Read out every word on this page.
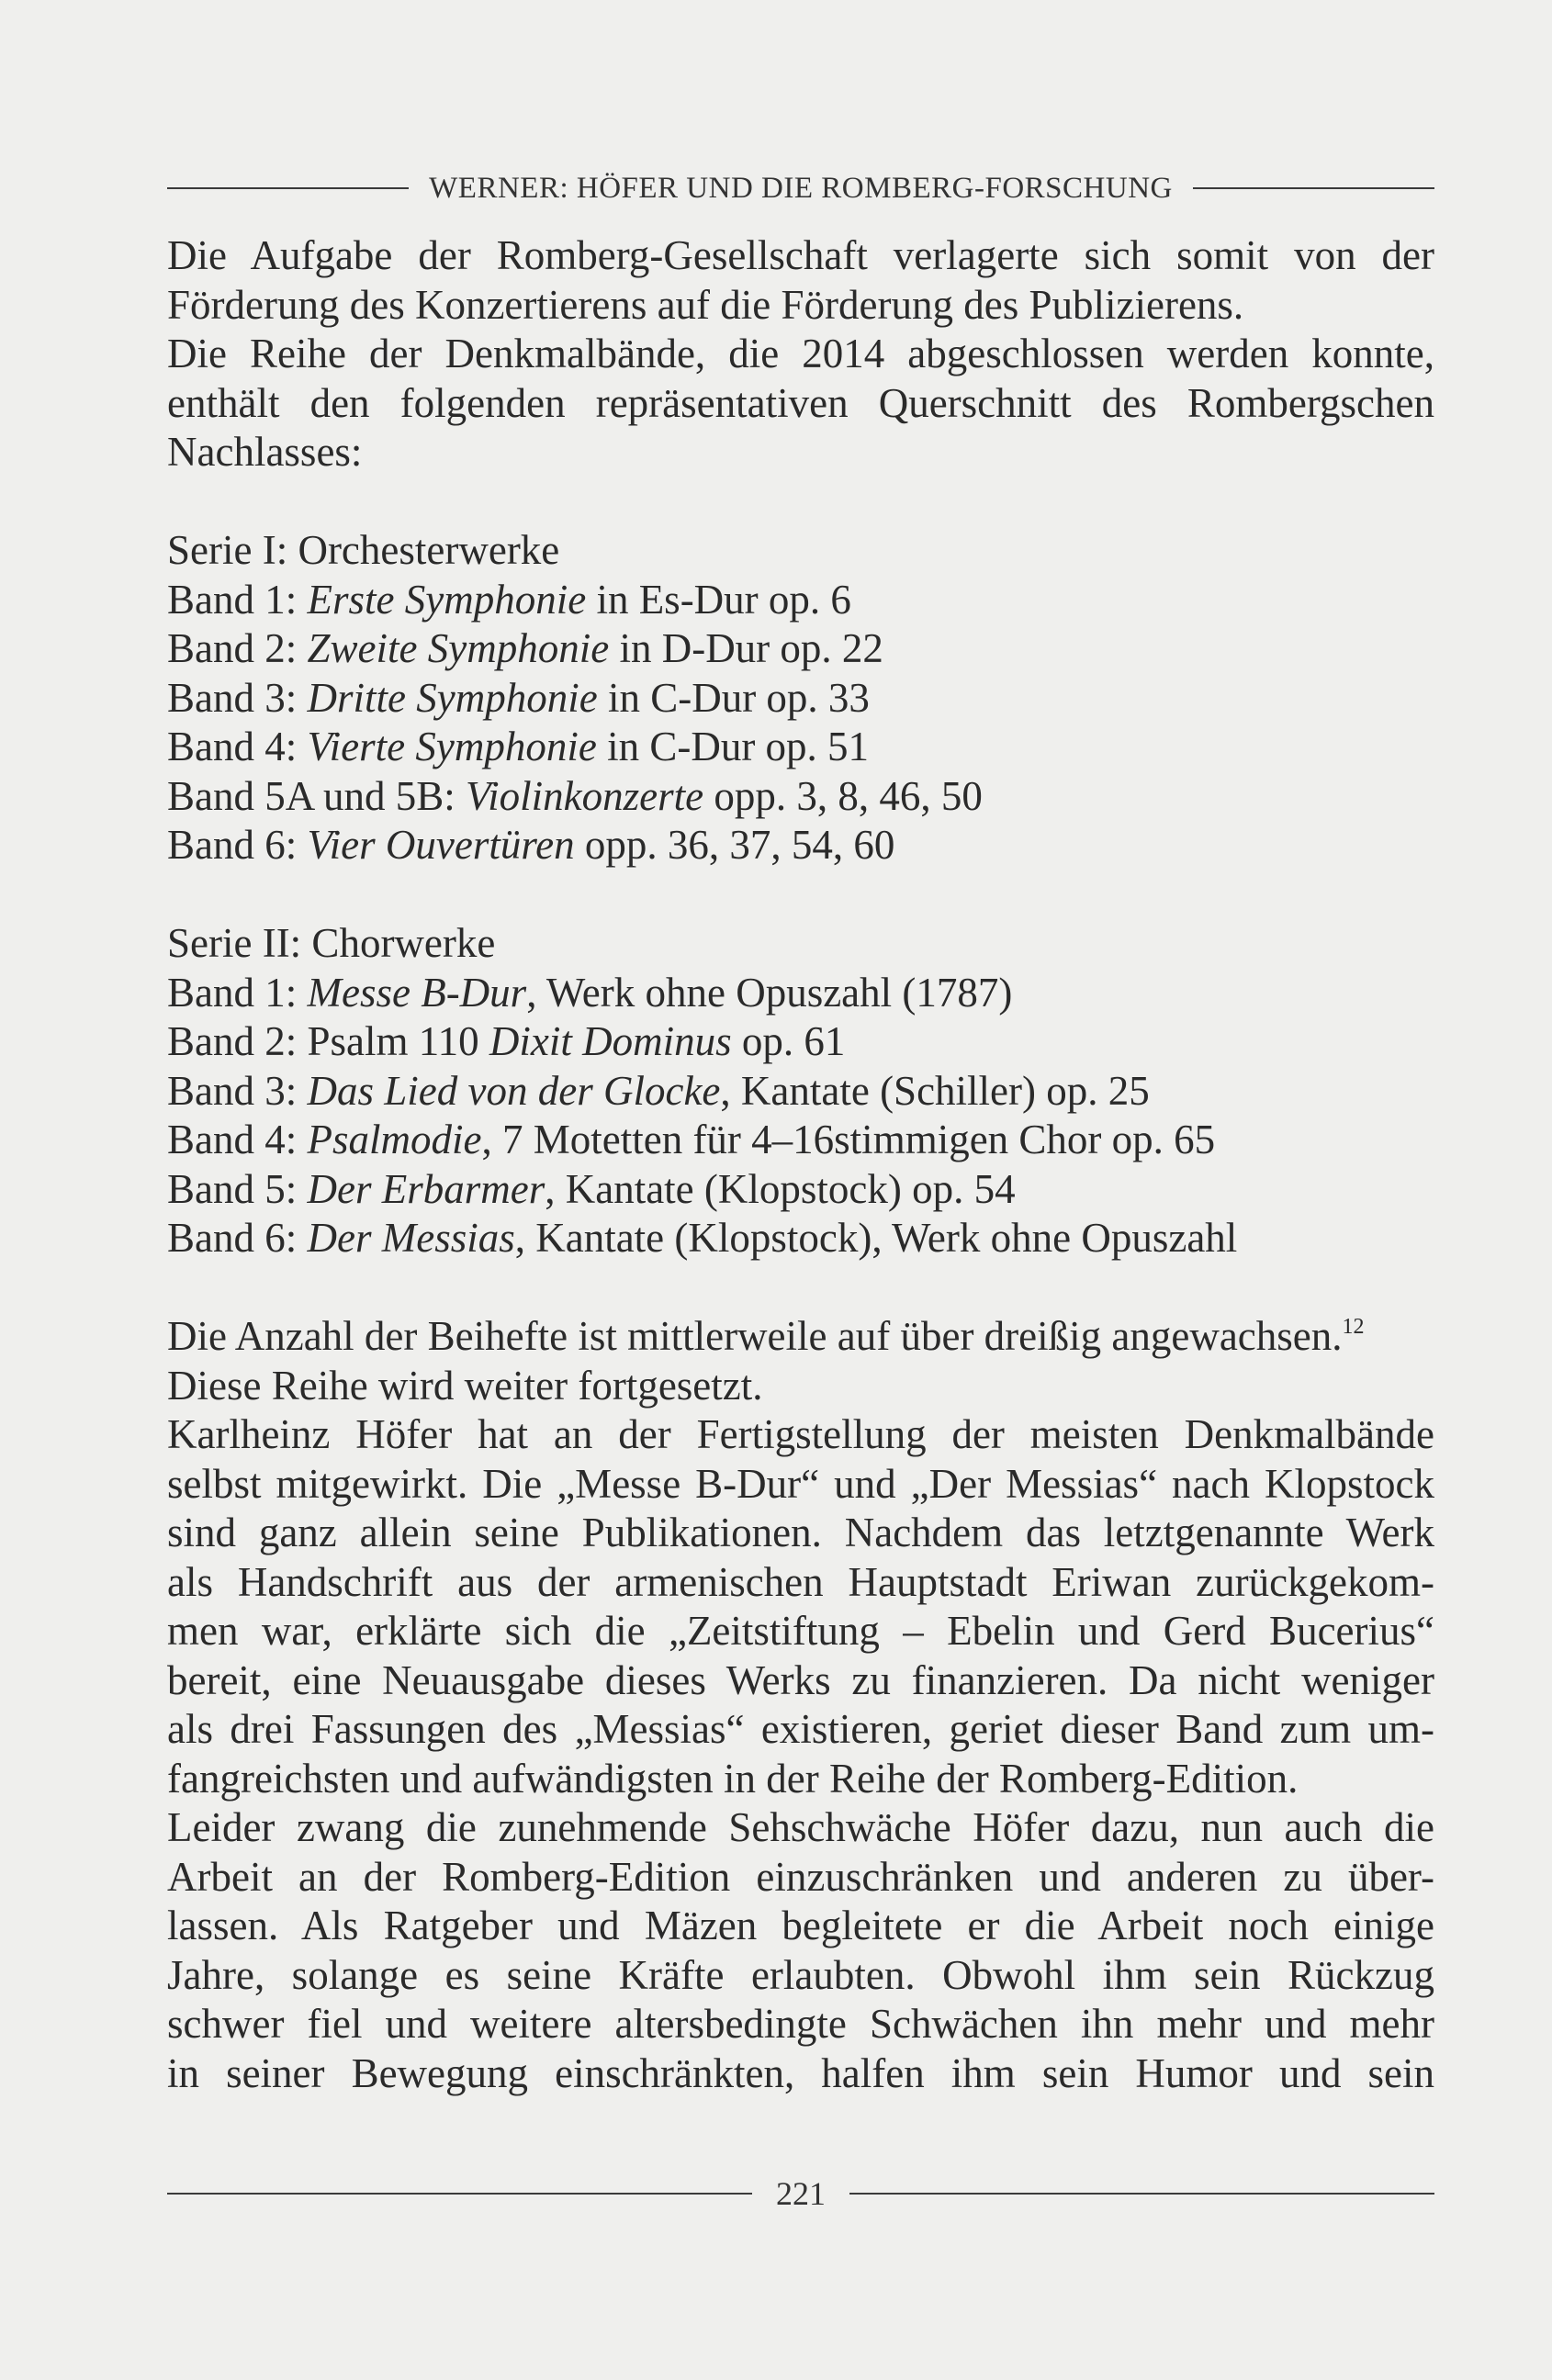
WERNER: HÖFER UND DIE ROMBERG-FORSCHUNG

Die Aufgabe der Romberg-Gesellschaft verlagerte sich somit von der

Förderung des Konzertierens auf die Förderung des Publizierens.

Die Reihe der Denkmalbände, die 2014 abgeschlossen werden konnte,

enthält den folgenden repräsentativen Querschnitt des Rombergschen

Nachlasses:

Serie I: Orchesterwerke

Band 1: Erste Symphonie in Es-Dur op. 6

Band 2: Zweite Symphonie in D-Dur op. 22

Band 3: Dritte Symphonie in C-Dur op. 33

Band 4: Vierte Symphonie in C-Dur op. 51

Band 5A und 5B: Violinkonzerte opp. 3, 8, 46, 50

Band 6: Vier Ouvertüren opp. 36, 37, 54, 60

Serie II: Chorwerke

Band 1: Messe B-Dur, Werk ohne Opuszahl (1787)

Band 2: Psalm 110 Dixit Dominus op. 61

Band 3: Das Lied von der Glocke, Kantate (Schiller) op. 25

Band 4: Psalmodie, 7 Motetten für 4–16stimmigen Chor op. 65

Band 5: Der Erbarmer, Kantate (Klopstock) op. 54

Band 6: Der Messias, Kantate (Klopstock), Werk ohne Opuszahl

Die Anzahl der Beihefte ist mittlerweile auf über dreißig angewachsen.$^{12}$

Diese Reihe wird weiter fortgesetzt.

Karlheinz Höfer hat an der Fertigstellung der meisten Denkmalbände

selbst mitgewirkt. Die „Messe B-Dur“ und „Der Messias“ nach Klopstock

sind ganz allein seine Publikationen. Nachdem das letztgenannte Werk

als Handschrift aus der armenischen Hauptstadt Eriwan zurückgekom-

men war, erklärte sich die „Zeitstiftung – Ebelin und Gerd Bucerius“

bereit, eine Neuausgabe dieses Werks zu finanzieren. Da nicht weniger

als drei Fassungen des „Messias“ existieren, geriet dieser Band zum um-

fangreichsten und aufwändigsten in der Reihe der Romberg-Edition.

Leider zwang die zunehmende Sehschwäche Höfer dazu, nun auch die

Arbeit an der Romberg-Edition einzuschränken und anderen zu über-

lassen. Als Ratgeber und Mäzen begleitete er die Arbeit noch einige

Jahre, solange es seine Kräfte erlaubten. Obwohl ihm sein Rückzug

schwer fiel und weitere altersbedingte Schwächen ihn mehr und mehr

in seiner Bewegung einschränkten, halfen ihm sein Humor und sein

221
